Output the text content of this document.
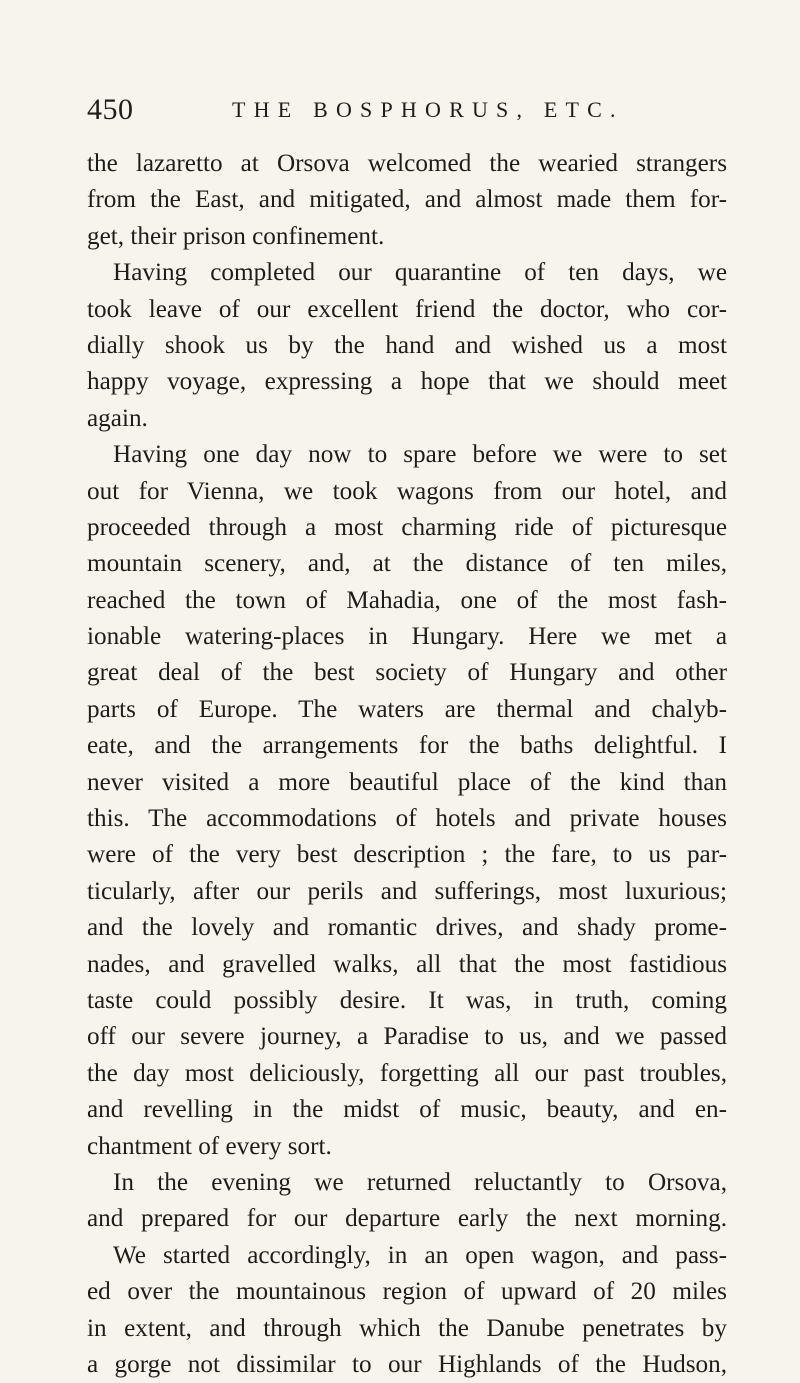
450	THE BOSPHORUS, ETC.
the lazaretto at Orsova welcomed the wearied strangers
from the East, and mitigated, and almost made them for-
get, their prison confinement.
Having completed our quarantine of ten days, we
took leave of our excellent friend the doctor, who cor-
dially shook us by the hand and wished us a most
happy voyage, expressing a hope that we should meet
again.
Having one day now to spare before we were to set
out for Vienna, we took wagons from our hotel, and
proceeded through a most charming ride of picturesque
mountain scenery, and, at the distance of ten miles,
reached the town of Mahadia, one of the most fash-
ionable watering-places in Hungary. Here we met a
great deal of the best society of Hungary and other
parts of Europe. The waters are thermal and chalyb-
eate, and the arrangements for the baths delightful. I
never visited a more beautiful place of the kind than
this. The accommodations of hotels and private houses
were of the very best description ; the fare, to us par-
ticularly, after our perils and sufferings, most luxurious;
and the lovely and romantic drives, and shady prome-
nades, and gravelled walks, all that the most fastidious
taste could possibly desire. It was, in truth, coming
off our severe journey, a Paradise to us, and we passed
the day most deliciously, forgetting all our past troubles,
and revelling in the midst of music, beauty, and en-
chantment of every sort.
In the evening we returned reluctantly to Orsova,
and prepared for our departure early the next morning.
We started accordingly, in an open wagon, and pass-
ed over the mountainous region of upward of 20 miles
in extent, and through which the Danube penetrates by
a gorge not dissimilar to our Highlands of the Hudson,
